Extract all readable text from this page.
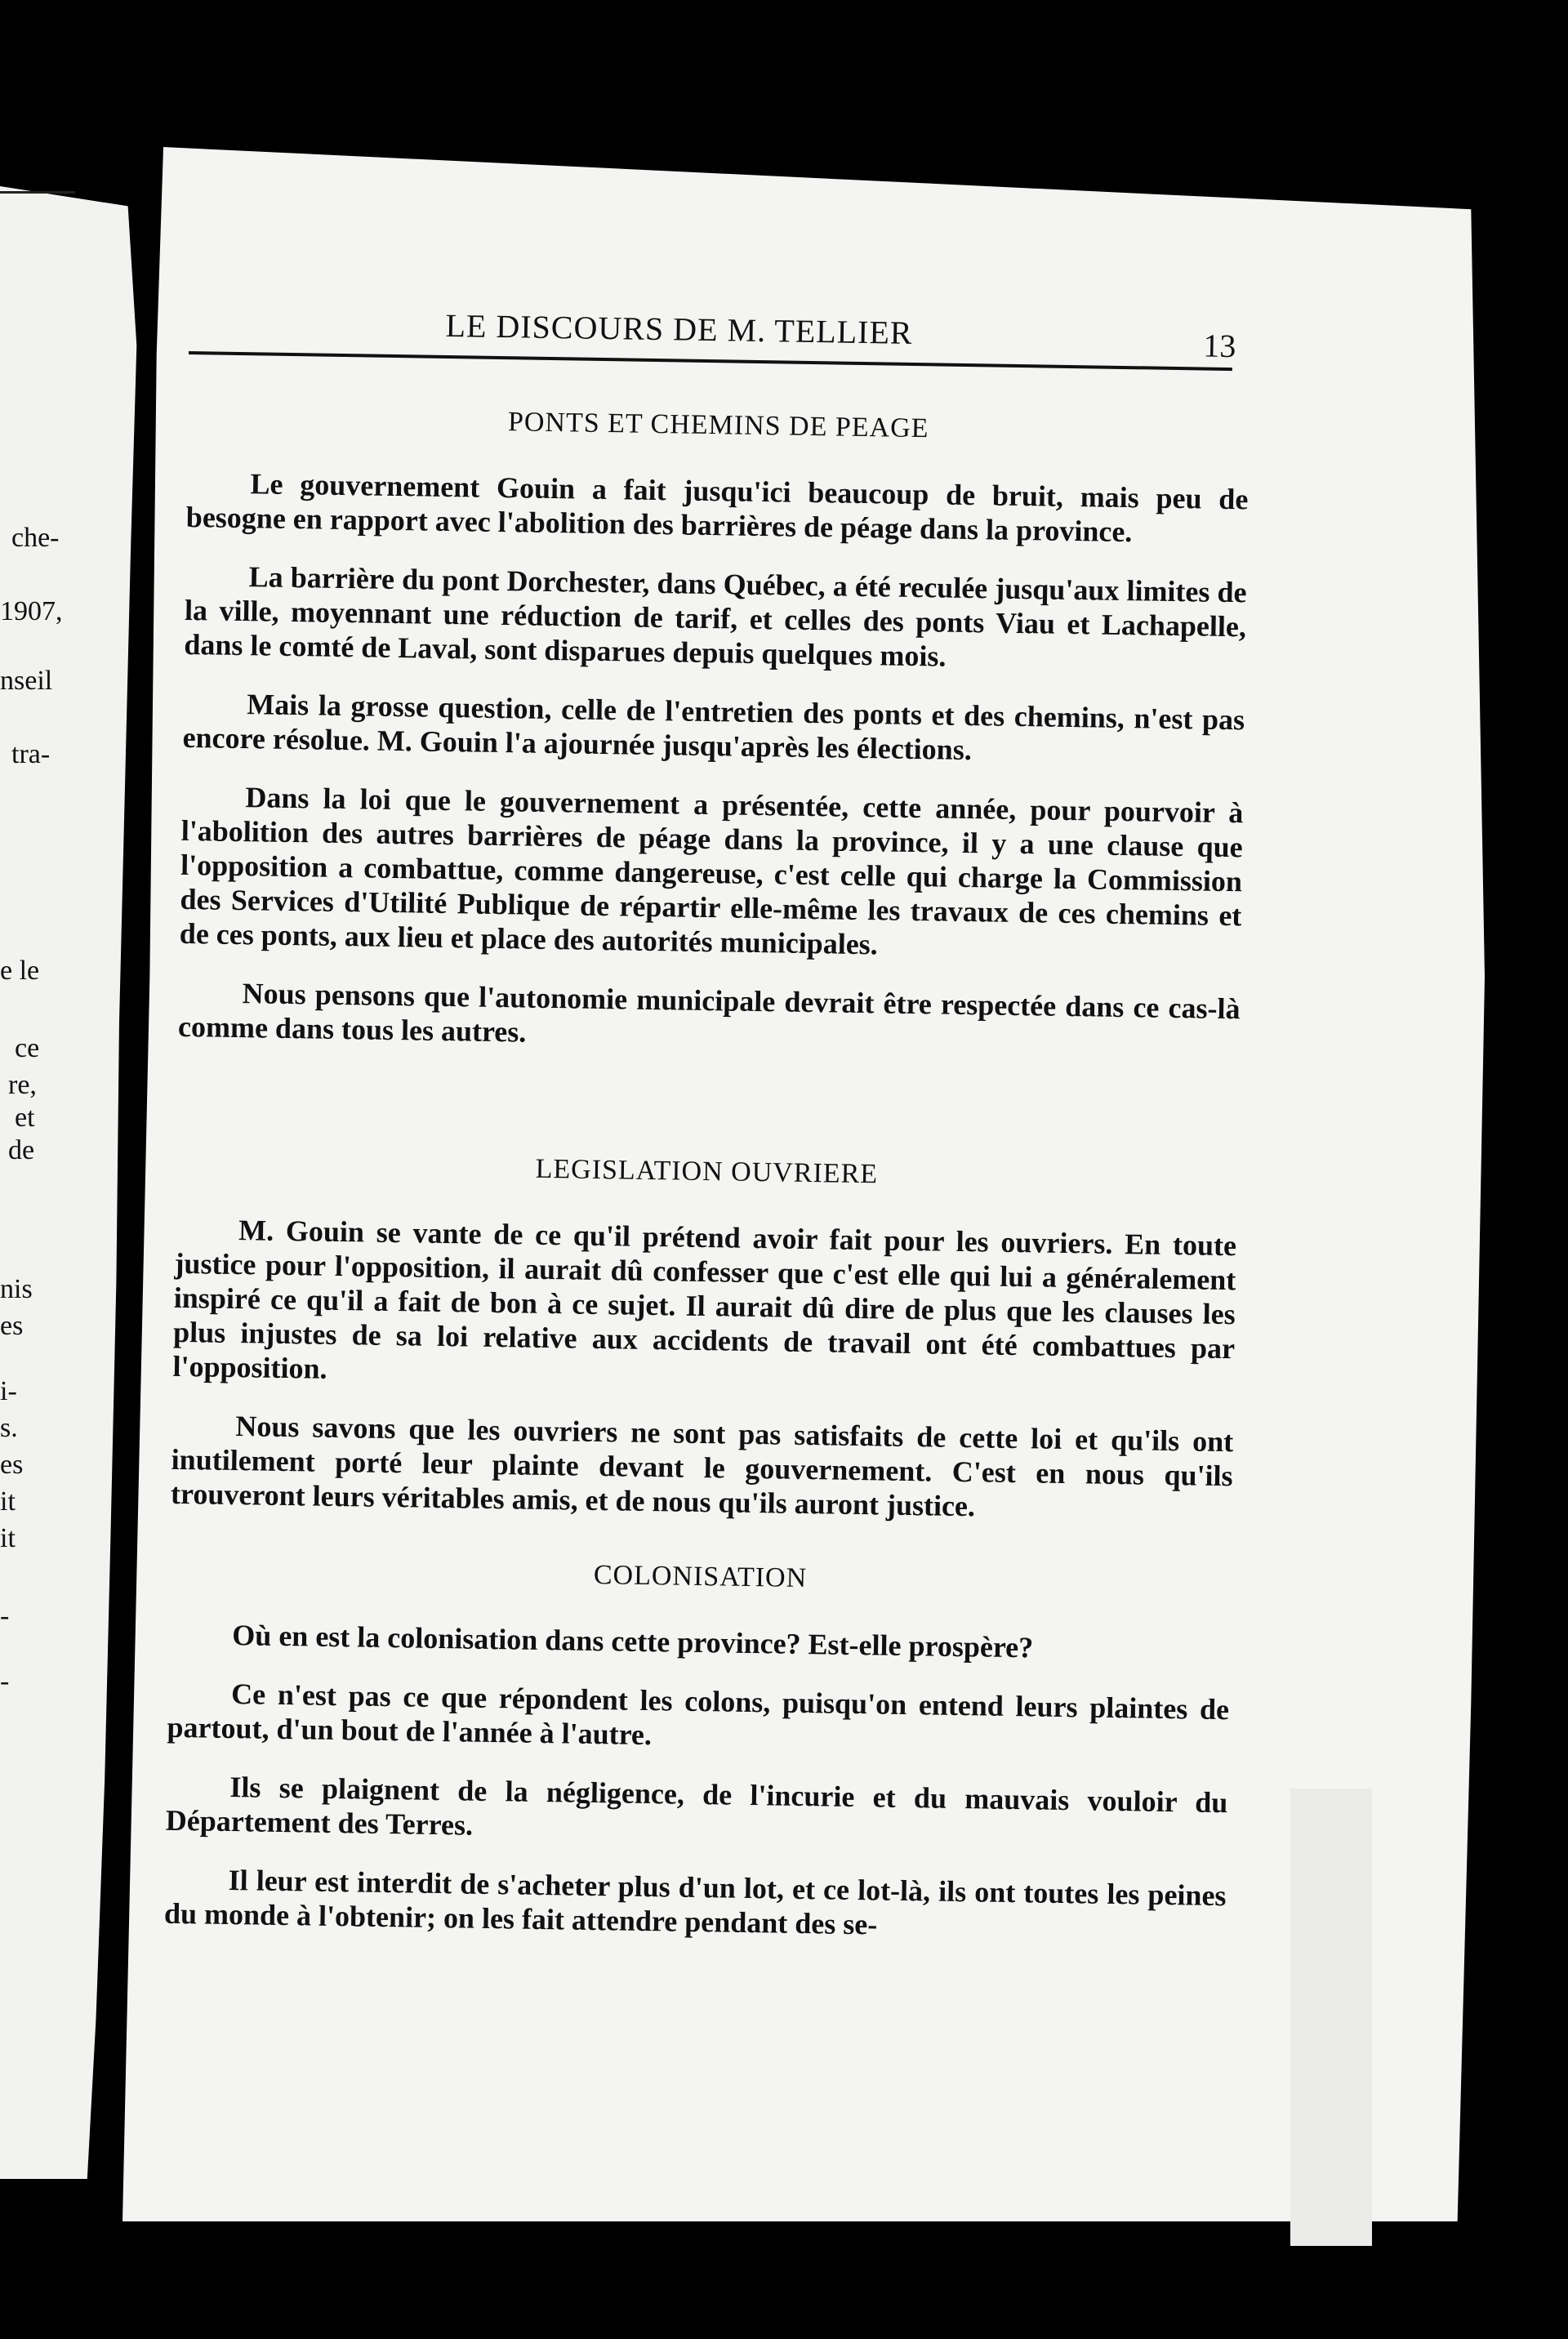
che-
1907,
nseil
tra-
e le
ce
re,
et
de
nis
es
i-
s.
es
it
it
-
-
LE DISCOURS DE M. TELLIER	13
PONTS ET CHEMINS DE PEAGE

Le gouvernement Gouin a fait jusqu'ici beaucoup de bruit, mais peu de besogne en rapport avec l'abolition des barrières de péage dans la province.

La barrière du pont Dorchester, dans Québec, a été reculée jusqu'aux limites de la ville, moyennant une réduction de tarif, et celles des ponts Viau et Lachapelle, dans le comté de Laval, sont disparues depuis quelques mois.

Mais la grosse question, celle de l'entretien des ponts et des chemins, n'est pas encore résolue. M. Gouin l'a ajournée jusqu'après les élections.

Dans la loi que le gouvernement a présentée, cette année, pour pourvoir à l'abolition des autres barrières de péage dans la province, il y a une clause que l'opposition a combattue, comme dangereuse, c'est celle qui charge la Commission des Services d'Utilité Publique de répartir elle-même les travaux de ces chemins et de ces ponts, aux lieu et place des autorités municipales.

Nous pensons que l'autonomie municipale devrait être respectée dans ce cas-là comme dans tous les autres.

LEGISLATION OUVRIERE

M. Gouin se vante de ce qu'il prétend avoir fait pour les ouvriers. En toute justice pour l'opposition, il aurait dû confesser que c'est elle qui lui a généralement inspiré ce qu'il a fait de bon à ce sujet. Il aurait dû dire de plus que les clauses les plus injustes de sa loi relative aux accidents de travail ont été combattues par l'opposition.

Nous savons que les ouvriers ne sont pas satisfaits de cette loi et qu'ils ont inutilement porté leur plainte devant le gouvernement. C'est en nous qu'ils trouveront leurs véritables amis, et de nous qu'ils auront justice.

COLONISATION

Où en est la colonisation dans cette province? Est-elle prospère?

Ce n'est pas ce que répondent les colons, puisqu'on entend leurs plaintes de partout, d'un bout de l'année à l'autre.

Ils se plaignent de la négligence, de l'incurie et du mauvais vouloir du Département des Terres.

Il leur est interdit de s'acheter plus d'un lot, et ce lot-là, ils ont toutes les peines du monde à l'obtenir; on les fait attendre pendant des se-
